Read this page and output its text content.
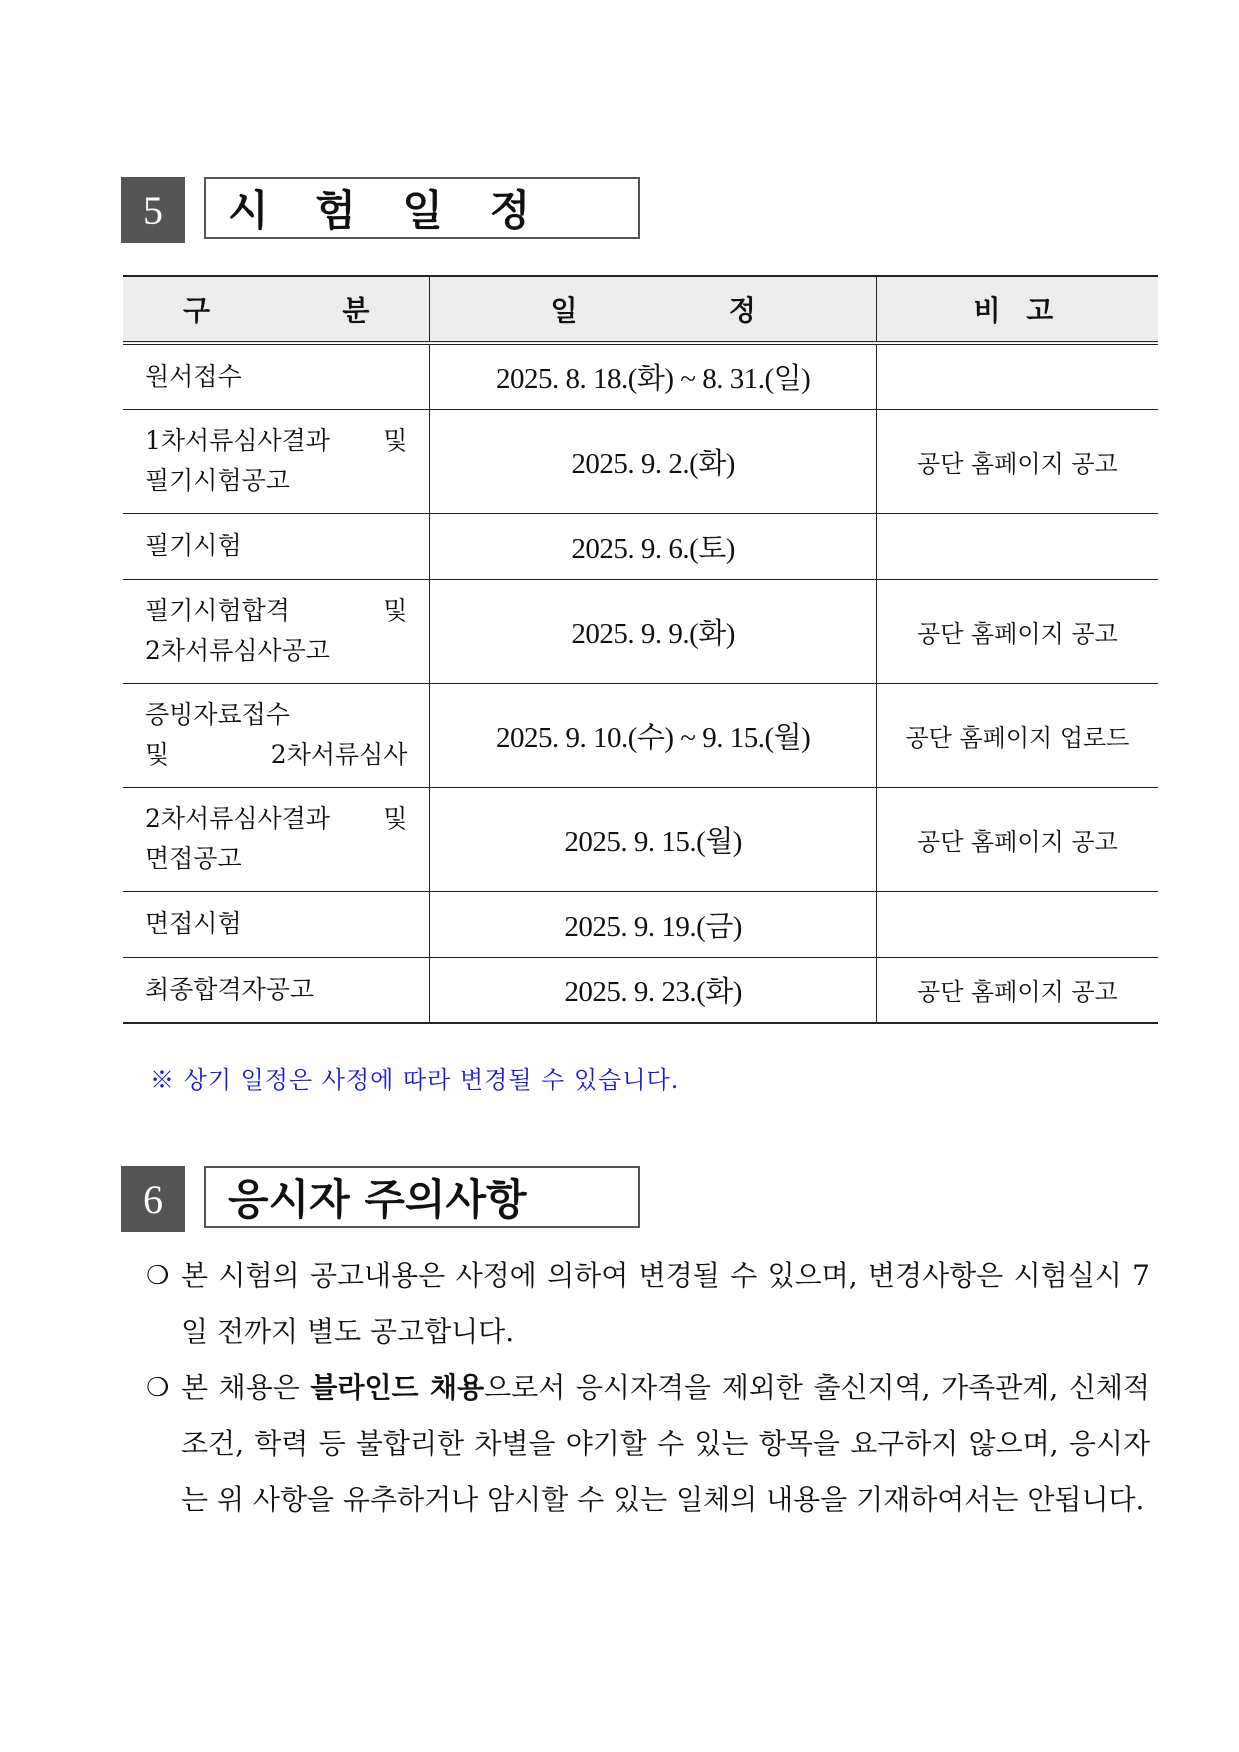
5	시 험 일 정
구 분	일 정	비 고

원서접수	2025. 8. 18.(화) ~ 8. 31.(일)	

1차서류심사결과 및
필기시험공고	2025. 9. 2.(화)	공단 홈페이지 공고

필기시험	2025. 9. 6.(토)	

필기시험합격 및
2차서류심사공고	2025. 9. 9.(화)	공단 홈페이지 공고

증빙자료접수
및 2차서류심사	2025. 9. 10.(수) ~ 9. 15.(월)	공단 홈페이지 업로드

2차서류심사결과 및
면접공고	2025. 9. 15.(월)	공단 홈페이지 공고

면접시험	2025. 9. 19.(금)	

최종합격자공고	2025. 9. 23.(화)	공단 홈페이지 공고
※ 상기 일정은 사정에 따라 변경될 수 있습니다.
6	응시자 주의사항
❍ 본 시험의 공고내용은 사정에 의하여 변경될 수 있으며, 변경사항은 시험실시 7일 전까지 별도 공고합니다.
❍ 본 채용은 블라인드 채용으로서 응시자격을 제외한 출신지역, 가족관계, 신체적 조건, 학력 등 불합리한 차별을 야기할 수 있는 항목을 요구하지 않으며, 응시자는 위 사항을 유추하거나 암시할 수 있는 일체의 내용을 기재하여서는 안됩니다.
